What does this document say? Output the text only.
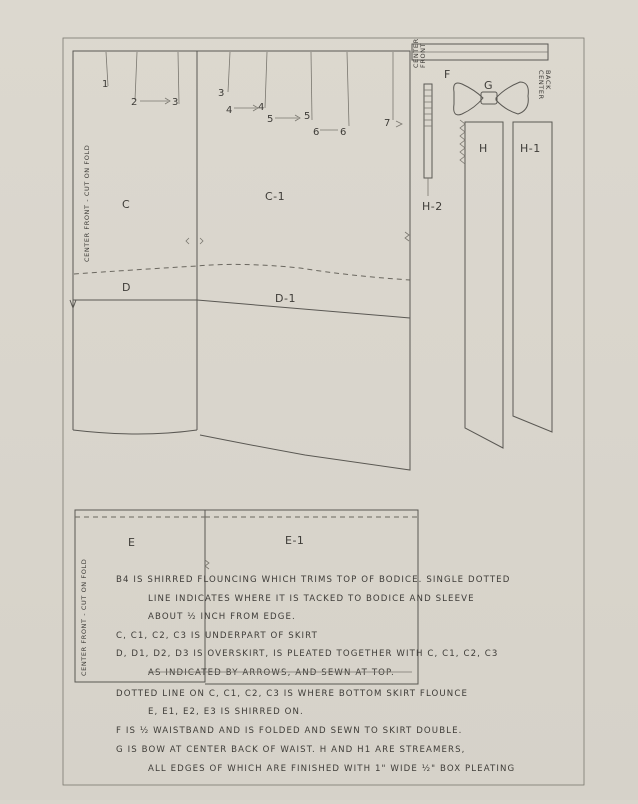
1
2	3
CENTER FRONT - CUT ON FOLD	C
3
4	4
5	5
6 6
7
C-1
D
D-1
CENTER FRONT
CENTER BACK
F
G
H-2
H	H-1
CENTER FRONT - CUT ON FOLD
E	E-1
B4 IS SHIRRED FLOUNCING WHICH TRIMS TOP OF BODICE. SINGLE DOTTED
LINE INDICATES WHERE IT IS TACKED TO BODICE AND SLEEVE
ABOUT ½ INCH FROM EDGE.
C, C1, C2, C3 IS UNDERPART OF SKIRT
D, D1, D2, D3 IS OVERSKIRT, IS PLEATED TOGETHER WITH C, C1, C2, C3
AS INDICATED BY ARROWS, AND SEWN AT TOP.
DOTTED LINE ON C, C1, C2, C3 IS WHERE BOTTOM SKIRT FLOUNCE
E, E1, E2, E3 IS SHIRRED ON.
F IS ½ WAISTBAND AND IS FOLDED AND SEWN TO SKIRT DOUBLE.
G IS BOW AT CENTER BACK OF WAIST. H AND H1 ARE STREAMERS,
ALL EDGES OF WHICH ARE FINISHED WITH 1" WIDE ½" BOX PLEATING
